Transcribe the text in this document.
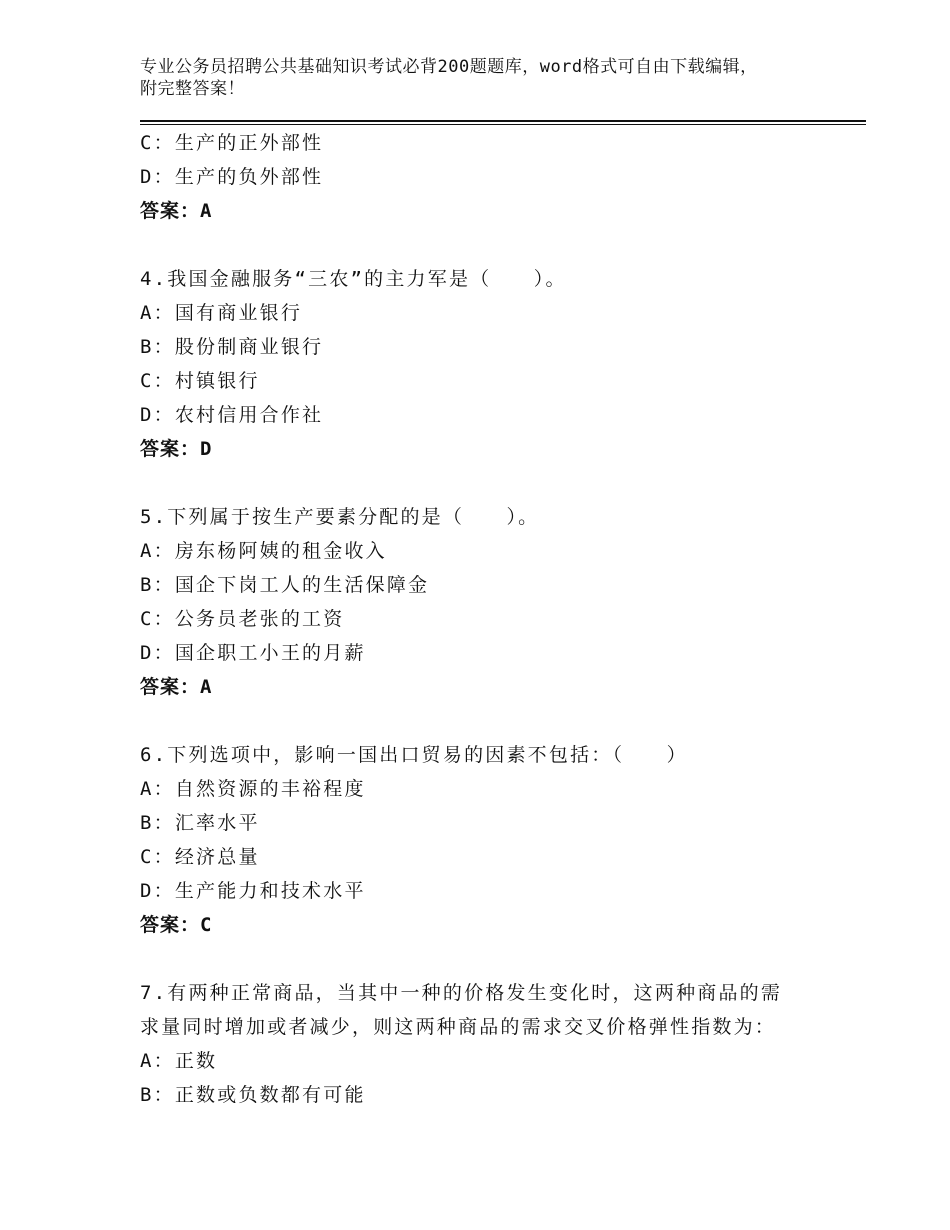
专业公务员招聘公共基础知识考试必背200题题库，word格式可自由下载编辑，
附完整答案！
C：生产的正外部性
D：生产的负外部性
答案：A
4.我国金融服务“三农”的主力军是（　　）。
A：国有商业银行
B：股份制商业银行
C：村镇银行
D：农村信用合作社
答案：D
5.下列属于按生产要素分配的是（　　）。
A：房东杨阿姨的租金收入
B：国企下岗工人的生活保障金
C：公务员老张的工资
D：国企职工小王的月薪
答案：A
6.下列选项中，影响一国出口贸易的因素不包括：（　　）
A：自然资源的丰裕程度
B：汇率水平
C：经济总量
D：生产能力和技术水平
答案：C
7.有两种正常商品，当其中一种的价格发生变化时，这两种商品的需
求量同时增加或者减少，则这两种商品的需求交叉价格弹性指数为：
A：正数
B：正数或负数都有可能
